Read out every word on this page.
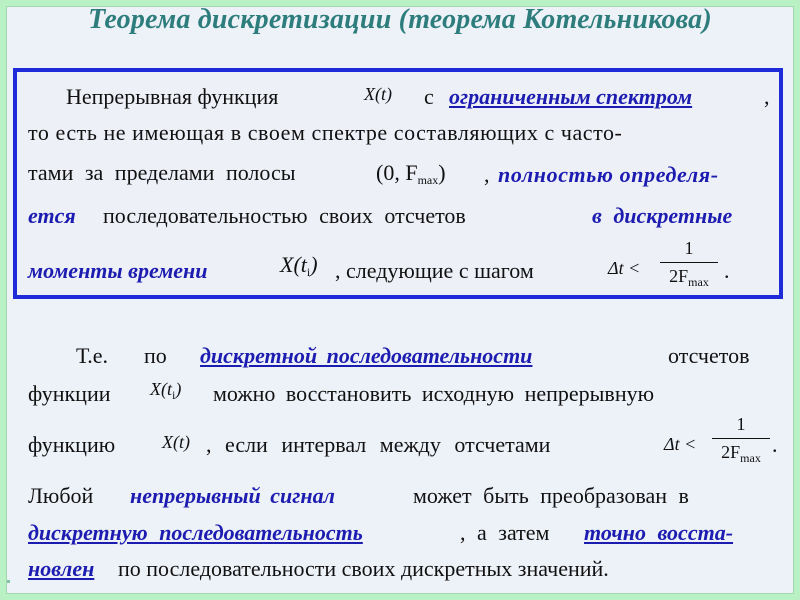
Теорема дискретизации (теорема Котельникова)
Непрерывная функция	X(t) с ограниченным спектром	,
то есть не имеющая в своем спектре составляющих с часто-
тами за пределами полосы	(0, $F_{max}$) , полностью определя-
ется последовательностью своих отсчетов	в дискретные
моменты времени	$X(t_i)$ , следующие с шагом	Δt <
1
$2F_{max}$ .
Т.е. по дискретной последовательности	отсчетов
функции $X(t_i)$ можно восстановить исходную непрерывную
функцию	X(t) , если интервал между отсчетами	Δt <
1
$2F_{max}$
.
Любой непрерывный сигнал	может быть преобразован в
дискретную последовательность	, а затем точно восста-
новлен по последовательности своих дискретных значений.
